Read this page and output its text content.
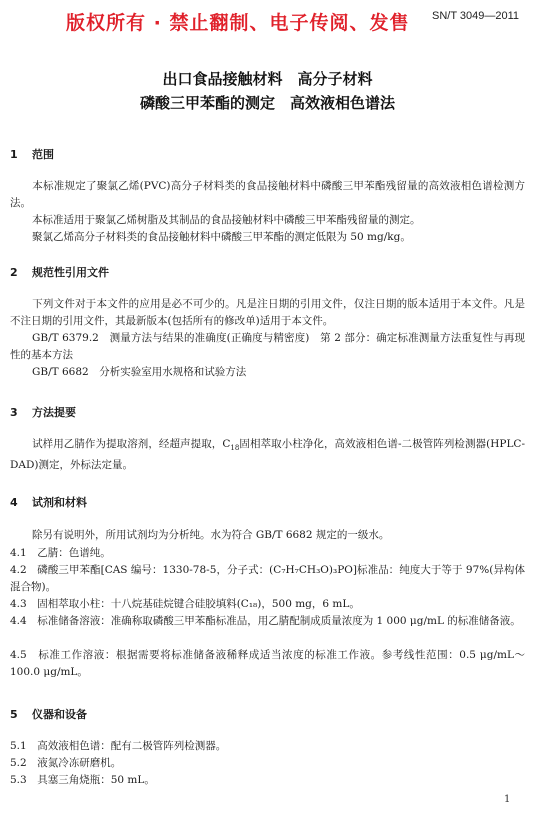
版权所有 · 禁止翻制、电子传阅、发售 SN/T 3049—2011
出口食品接触材料　高分子材料
磷酸三甲苯酯的测定　高效液相色谱法
1 范围
本标准规定了聚氯乙烯(PVC)高分子材料类的食品接触材料中磷酸三甲苯酯残留量的高效液相色谱检测方法。
本标准适用于聚氯乙烯树脂及其制品的食品接触材料中磷酸三甲苯酯残留量的测定。
聚氯乙烯高分子材料类的食品接触材料中磷酸三甲苯酯的测定低限为 50 mg/kg。
2 规范性引用文件
下列文件对于本文件的应用是必不可少的。凡是注日期的引用文件，仅注日期的版本适用于本文件。凡是不注日期的引用文件，其最新版本(包括所有的修改单)适用于本文件。
GB/T 6379.2　测量方法与结果的准确度(正确度与精密度)　第 2 部分：确定标准测量方法重复性与再现性的基本方法
GB/T 6682　分析实验室用水规格和试验方法
3 方法提要
试样用乙腈作为提取溶剂，经超声提取，$C_{18}$固相萃取小柱净化，高效液相色谱-二极管阵列检测器(HPLC-DAD)测定，外标法定量。
4 试剂和材料
除另有说明外，所用试剂均为分析纯。水为符合 GB/T 6682 规定的一级水。
4.1　乙腈：色谱纯。
4.2　磷酸三甲苯酯[CAS 编号：1330-78-5，分子式：(C₇H₇CH₃O)₃PO]标准品：纯度大于等于 97%(异构体混合物)。
4.3　固相萃取小柱：十八烷基硅烷键合硅胶填料(C₁₈)，500 mg，6 mL。
4.4　标准储备溶液：准确称取磷酸三甲苯酯标准品，用乙腈配制成质量浓度为 1 000 μg/mL 的标准储备液。
4.5　标准工作溶液：根据需要将标准储备液稀释成适当浓度的标准工作液。参考线性范围：0.5 μg/mL～100.0 μg/mL。
5 仪器和设备
5.1　高效液相色谱：配有二极管阵列检测器。
5.2　液氮冷冻研磨机。
5.3　具塞三角烧瓶：50 mL。
1
